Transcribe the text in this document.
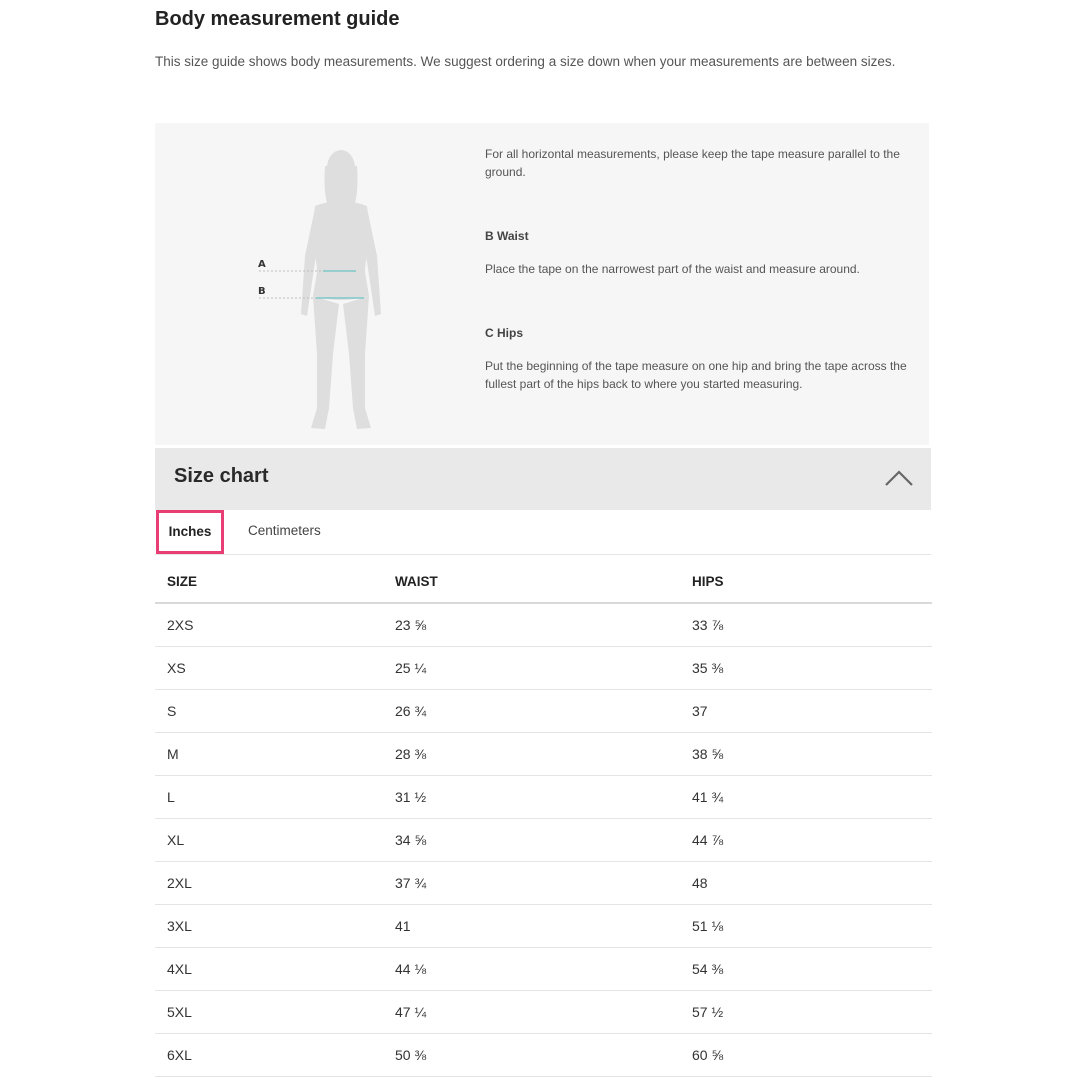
Body measurement guide
This size guide shows body measurements. We suggest ordering a size down when your measurements are between sizes.
A
B
For all horizontal measurements, please keep the tape measure parallel to the ground.
B Waist
Place the tape on the narrowest part of the waist and measure around.
C Hips
Put the beginning of the tape measure on one hip and bring the tape across the fullest part of the hips back to where you started measuring.
Size chart
Inches	Centimeters
SIZE	WAIST	HIPS
2XS	23 ⅝	33 ⅞
XS	25 ¼	35 ⅜
S	26 ¾	37
M	28 ⅜	38 ⅝
L	31 ½	41 ¾
XL	34 ⅝	44 ⅞
2XL	37 ¾	48
3XL	41	51 ⅛
4XL	44 ⅛	54 ⅜
5XL	47 ¼	57 ½
6XL	50 ⅜	60 ⅝
